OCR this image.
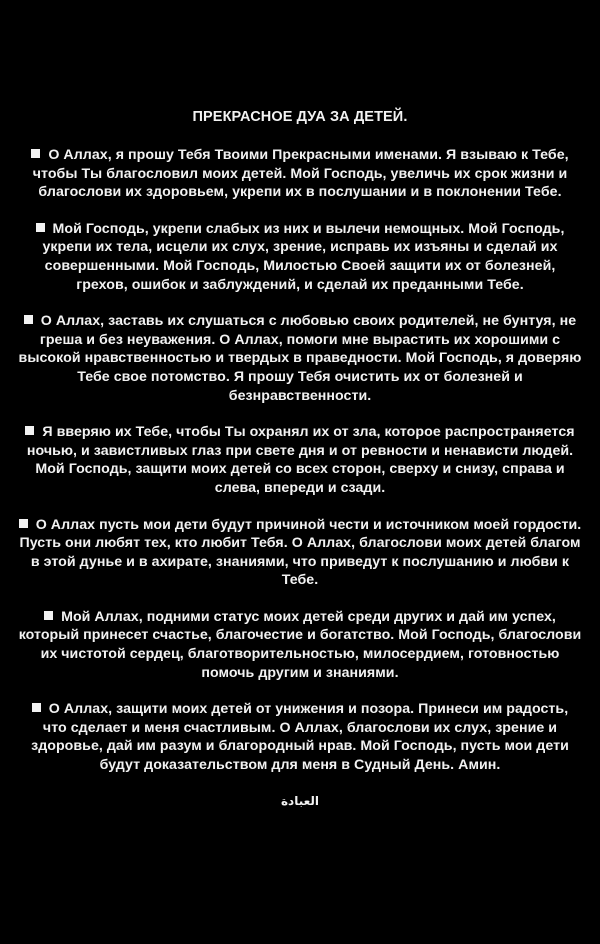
ПРЕКРАСНОЕ ДУА ЗА ДЕТЕЙ.
О Аллах, я прошу Тебя Твоими Прекрасными именами. Я взываю к Тебе, чтобы Ты благословил моих детей. Мой Господь, увеличь их срок жизни и благослови их здоровьем, укрепи их в послушании и в поклонении Тебе.
Мой Господь, укрепи слабых из них и вылечи немощных. Мой Господь, укрепи их тела, исцели их слух, зрение, исправь их изъяны и сделай их совершенными. Мой Господь, Милостью Своей защити их от болезней, грехов, ошибок и заблуждений, и сделай их преданными Тебе.
О Аллах, заставь их слушаться с любовью своих родителей, не бунтуя, не греша и без неуважения. О Аллах, помоги мне вырастить их хорошими с высокой нравственностью и твердых в праведности. Мой Господь, я доверяю Тебе свое потомство. Я прошу Тебя очистить их от болезней и безнравственности.
Я вверяю их Тебе, чтобы Ты охранял их от зла, которое распространяется ночью, и завистливых глаз при свете дня и от ревности и ненависти людей. Мой Господь, защити моих детей со всех сторон, сверху и снизу, справа и слева, впереди и сзади.
О Аллах пусть мои дети будут причиной чести и источником моей гордости. Пусть они любят тех, кто любит Тебя. О Аллах, благослови моих детей благом в этой дунье и в ахирате, знаниями, что приведут к послушанию и любви к Тебе.
Мой Аллах, подними статус моих детей среди других и дай им успех, который принесет счастье, благочестие и богатство. Мой Господь, благослови их чистотой сердец, благотворительностью, милосердием, готовностью помочь другим и знаниями.
О Аллах, защити моих детей от унижения и позора. Принеси им радость, что сделает и меня счастливым. О Аллах, благослови их слух, зрение и здоровье, дай им разум и благородный нрав. Мой Господь, пусть мои дети будут доказательством для меня в Судный День. Амин.
العبادة
